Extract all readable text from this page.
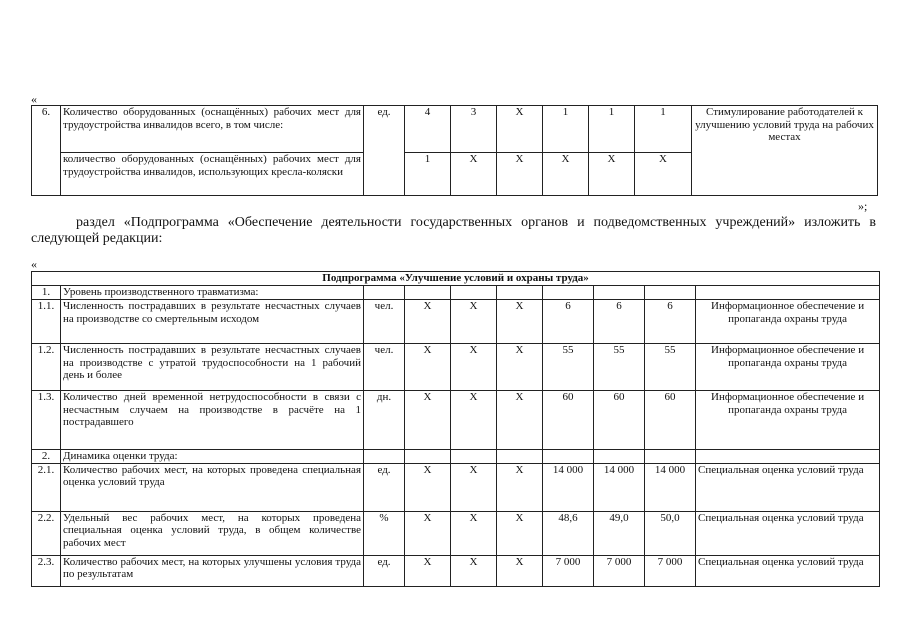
«
6.	Количество оборудованных (оснащённых) рабочих мест для трудоустройства инвалидов всего, в том числе:	ед.	4	3	Х	1	1	1	Стимулирование работодателей к улучшению условий труда на рабочих местах
	количество оборудованных (оснащённых) рабочих мест для трудоустройства инвалидов, использующих кресла-коляски		1	Х	Х	Х	Х	Х	
»;
раздел «Подпрограмма «Обеспечение деятельности государственных органов и подведомственных учреждений» изложить в следующей редакции:
«
Подпрограмма «Улучшение условий и охраны труда»									
1.	Уровень производственного травматизма:								
1.1.	Численность пострадавших в результате несчастных случаев на производстве со смертельным исходом	чел.	Х	Х	Х	6	6	6	Информационное обеспечение и пропаганда охраны труда
1.2.	Численность пострадавших в результате несчастных случаев на производстве с утратой трудоспособности на 1 рабочий день и более	чел.	Х	Х	Х	55	55	55	Информационное обеспечение и пропаганда охраны труда
1.3.	Количество дней временной нетрудоспособности в связи с несчастным случаем на производстве в расчёте на 1 пострадавшего	дн.	Х	Х	Х	60	60	60	Информационное обеспечение и пропаганда охраны труда
2.	Динамика оценки труда:								
2.1.	Количество рабочих мест, на которых проведена специальная оценка условий труда	ед.	Х	Х	Х	14 000	14 000	14 000	Специальная оценка условий труда
2.2.	Удельный вес рабочих мест, на которых проведена специальная оценка условий труда, в общем количестве рабочих мест	%	Х	Х	Х	48,6	49,0	50,0	Специальная оценка условий труда
2.3.	Количество рабочих мест, на которых улучшены условия труда по результатам	ед.	Х	Х	Х	7 000	7 000	7 000	Специальная оценка условий труда
